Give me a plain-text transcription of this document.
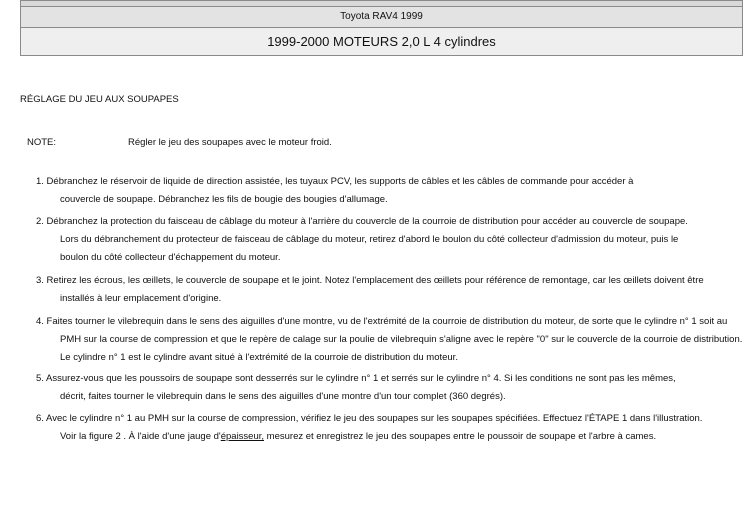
Toyota RAV4 1999
1999-2000 MOTEURS 2,0 L 4 cylindres
RÉGLAGE DU JEU AUX SOUPAPES
NOTE:	Régler le jeu des soupapes avec le moteur froid.
1. Débranchez le réservoir de liquide de direction assistée, les tuyaux PCV, les supports de câbles et les câbles de commande pour accéder à
couvercle de soupape. Débranchez les fils de bougie des bougies d'allumage.
2. Débranchez la protection du faisceau de câblage du moteur à l'arrière du couvercle de la courroie de distribution pour accéder au couvercle de soupape.
Lors du débranchement du protecteur de faisceau de câblage du moteur, retirez d'abord le boulon du côté collecteur d'admission du moteur, puis le
boulon du côté collecteur d'échappement du moteur.
3. Retirez les écrous, les œillets, le couvercle de soupape et le joint. Notez l'emplacement des œillets pour référence de remontage, car les œillets doivent être
installés à leur emplacement d'origine.
4. Faites tourner le vilebrequin dans le sens des aiguilles d'une montre, vu de l'extrémité de la courroie de distribution du moteur, de sorte que le cylindre n° 1 soit au
PMH sur la course de compression et que le repère de calage sur la poulie de vilebrequin s'aligne avec le repère "0" sur le couvercle de la courroie de distribution.
Le cylindre n° 1 est le cylindre avant situé à l'extrémité de la courroie de distribution du moteur.
5. Assurez-vous que les poussoirs de soupape sont desserrés sur le cylindre n° 1 et serrés sur le cylindre n° 4. Si les conditions ne sont pas les mêmes,
décrit, faites tourner le vilebrequin dans le sens des aiguilles d'une montre d'un tour complet (360 degrés).
6. Avec le cylindre n° 1 au PMH sur la course de compression, vérifiez le jeu des soupapes sur les soupapes spécifiées. Effectuez l'ÉTAPE 1 dans l'illustration.
Voir la figure 2 . À l'aide d'une jauge d'épaisseur, mesurez et enregistrez le jeu des soupapes entre le poussoir de soupape et l'arbre à cames.
